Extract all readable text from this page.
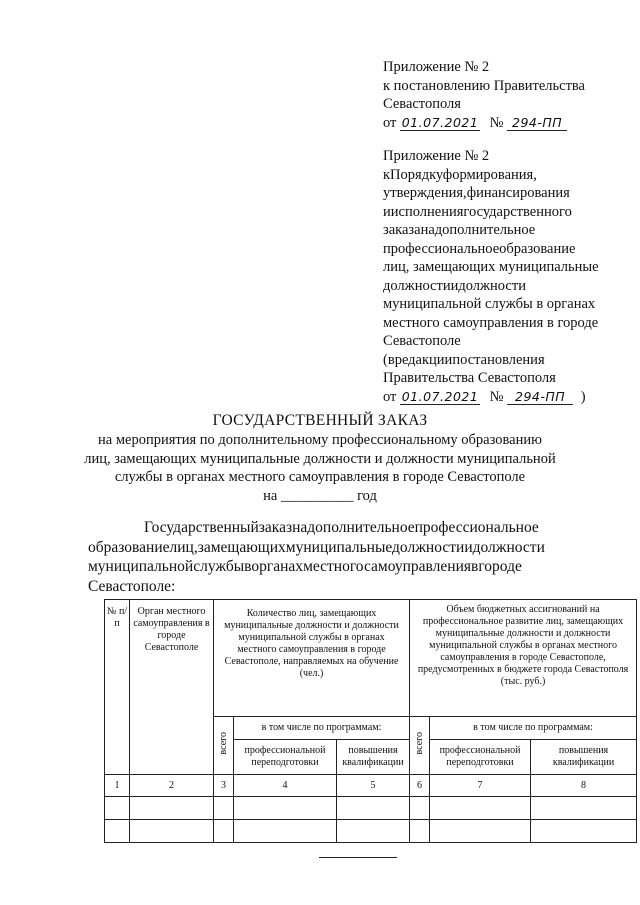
Приложение № 2
к постановлению Правительства
Севастополя
от 01.07.2021 № 294-ПП
Приложение № 2
кПорядкуформирования,
утверждения,финансирования
иисполнениягосударственного
заказанадополнительное
профессиональноеобразование
лиц, замещающих муниципальные
должностиидолжности
муниципальной службы в органах
местного самоуправления в городе
Севастополе
(вредакциипостановления
Правительства Севастополя
от 01.07.2021 № 294-ПП )
ГОСУДАРСТВЕННЫЙ ЗАКАЗ
на мероприятия по дополнительному профессиональному образованию
лиц, замещающих муниципальные должности и должности муниципальной
службы в органах местного самоуправления в городе Севастополе
на __________ год
Государственныйзаказнадополнительноепрофессиональное
образованиелиц,замещающихмуниципальныедолжностиидолжности
муниципальнойслужбыворганахместногосамоуправлениявгороде
Севастополе:
№ п/п	Орган местного самоуправления в городе Севастополе	Количество лиц, замещающих муниципальные должности и должности муниципальной службы в органах местного самоуправления в городе Севастополе, направляемых на обучение (чел.)			Объем бюджетных ассигнований на профессиональное развитие лиц, замещающих муниципальные должности и должности муниципальной службы в органах местного самоуправления в городе Севастополе, предусмотренных в бюджете города Севастополя (тыс. руб.)		
		всего	в том числе по программам:		всего	в том числе по программам:	
			профессиональной переподготовки	повышения квалификации		профессиональной переподготовки	повышения квалификации
1	2	3	4	5	6	7	8
